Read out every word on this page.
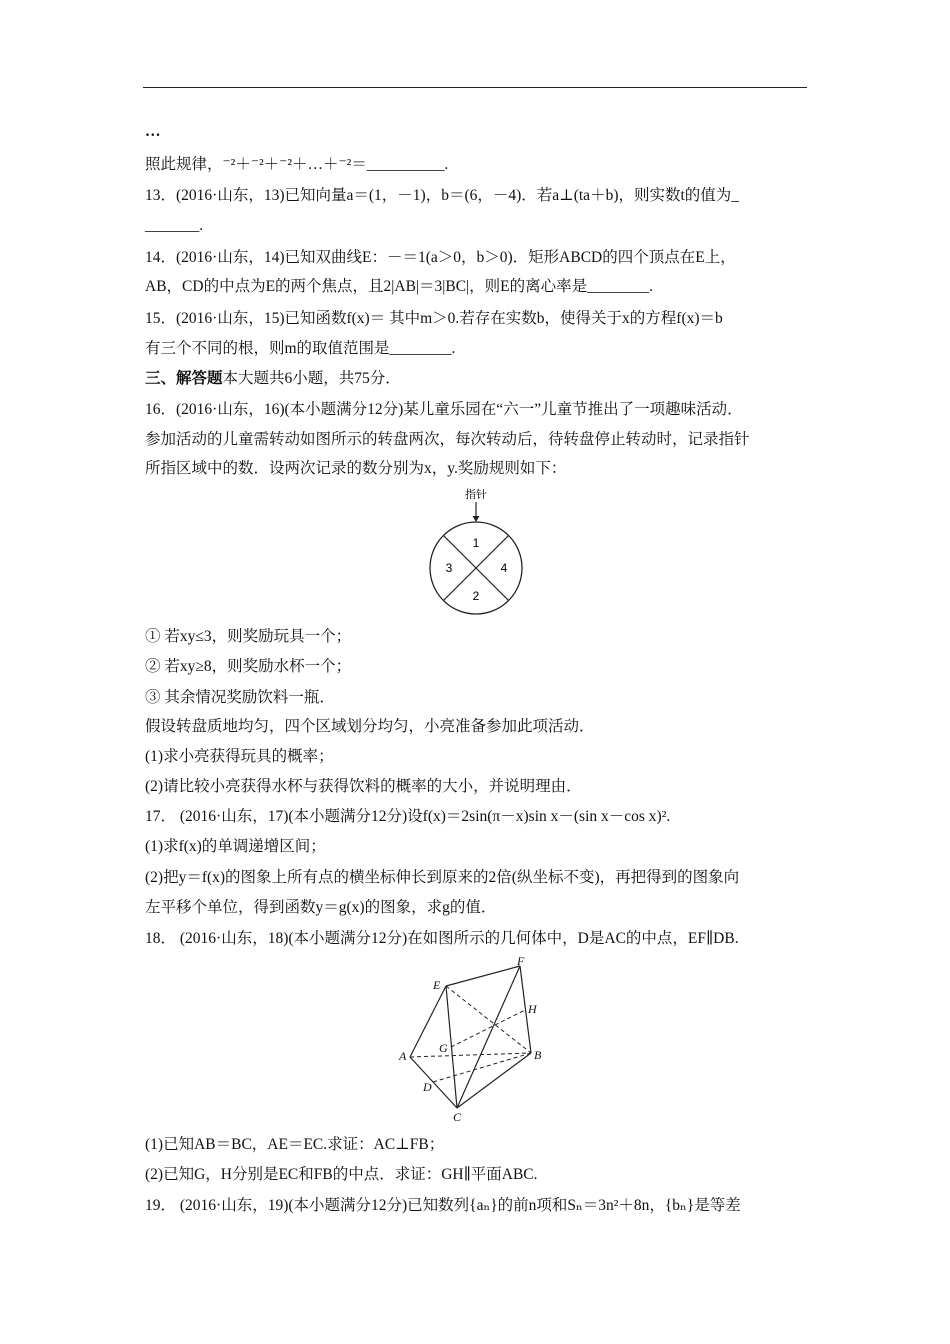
…
照此规律，⁻²＋⁻²＋⁻²＋…＋⁻²＝__________.
13．(2016·山东，13)已知向量a＝(1，－1)，b＝(6，－4)．若a⊥(ta＋b)，则实数t的值为_
_______.
14．(2016·山东，14)已知双曲线E：－＝1(a＞0，b＞0)．矩形ABCD的四个顶点在E上，
AB，CD的中点为E的两个焦点，且2|AB|＝3|BC|，则E的离心率是________.
15．(2016·山东，15)已知函数f(x)＝ 其中m＞0.若存在实数b，使得关于x的方程f(x)＝b
有三个不同的根，则m的取值范围是________.
三、解答题本大题共6小题，共75分．
16．(2016·山东，16)(本小题满分12分)某儿童乐园在“六一”儿童节推出了一项趣味活动．
参加活动的儿童需转动如图所示的转盘两次，每次转动后，待转盘停止转动时，记录指针
所指区域中的数．设两次记录的数分别为x，y.奖励规则如下：
指针
1
4
2
3
① 若xy≤3，则奖励玩具一个；
② 若xy≥8，则奖励水杯一个；
③ 其余情况奖励饮料一瓶．
假设转盘质地均匀，四个区域划分均匀，小亮准备参加此项活动．
(1)求小亮获得玩具的概率；
(2)请比较小亮获得水杯与获得饮料的概率的大小，并说明理由．
17． (2016·山东，17)(本小题满分12分)设f(x)＝2sin(π－x)sin x－(sin x－cos x)².
(1)求f(x)的单调递增区间；
(2)把y＝f(x)的图象上所有点的横坐标伸长到原来的2倍(纵坐标不变)，再把得到的图象向
左平移个单位，得到函数y＝g(x)的图象，求g的值．
18． (2016·山东，18)(本小题满分12分)在如图所示的几何体中，D是AC的中点，EF∥DB.
F
E
H
G
A	B
D
C
(1)已知AB＝BC，AE＝EC.求证：AC⊥FB；
(2)已知G，H分别是EC和FB的中点．求证：GH∥平面ABC.
19． (2016·山东，19)(本小题满分12分)已知数列{aₙ}的前n项和Sₙ＝3n²＋8n，{bₙ}是等差
